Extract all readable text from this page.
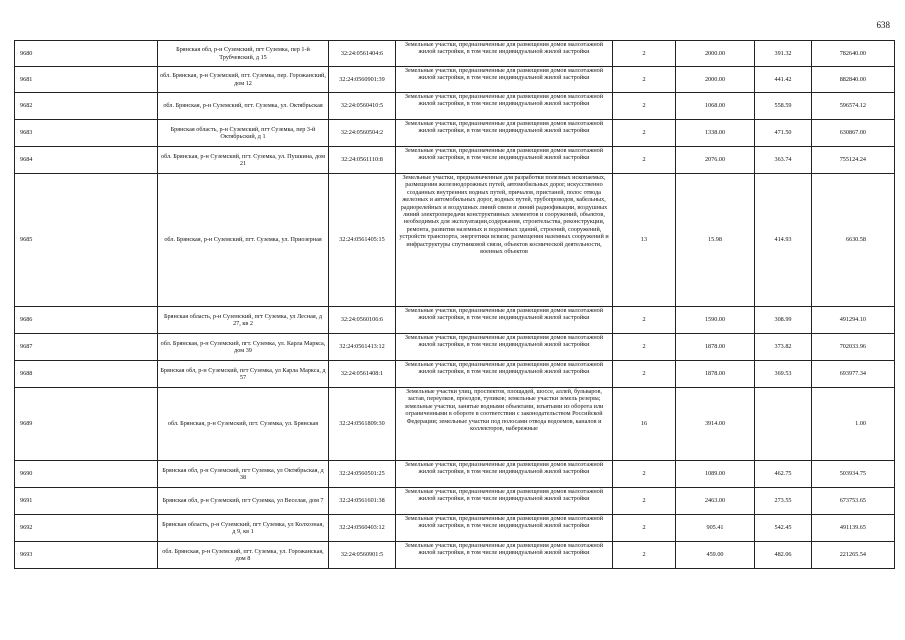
638
9680	Брянская обл, р-н Суземский, пгт Суземка, пер 1-й Трубчевский, д 15	32:24:0561404:6	Земельные участки, предназначенные для размещения домов малоэтажной жилой застройки, в том числе индивидуальной жилой застройки	2	2000.00	391.32	782640.00
9681	обл. Брянская, р-н Суземский, пгт. Суземка, пер. Горожанский, дом 12	32:24:0560901:39	Земельные участки, предназначенные для размещения домов малоэтажной жилой застройки, в том числе индивидуальной жилой застройки	2	2000.00	441.42	882840.00
9682	обл. Брянская, р-н Суземский, пгт. Суземка, ул. Октябрьская	32:24:0560410:5	Земельные участки, предназначенные для размещения домов малоэтажной жилой застройки, в том числе индивидуальной жилой застройки	2	1068.00	558.59	596574.12
9683	Брянская область, р-н Суземский, пгт Суземка, пер 3-й Октябрьский, д 1	32:24:0560504:2	Земельные участки, предназначенные для размещения домов малоэтажной жилой застройки, в том числе индивидуальной жилой застройки	2	1338.00	471.50	630867.00
9684	обл. Брянская, р-н Суземский, пгт. Суземка, ул. Пушкина, дом 21	32:24:0561110:8	Земельные участки, предназначенные для размещения домов малоэтажной жилой застройки, в том числе индивидуальной жилой застройки	2	2076.00	363.74	755124.24
9685	обл. Брянская, р-н Суземский, пгт. Суземка, ул. Приозерная	32:24:0561405:15	Земельные участки, предназначенные для разработки полезных ископаемых, размещения железнодорожных путей, автомобильных дорог, искусственно созданных внутренних водных путей, причалов, пристаней, полос отвода железных и автомобильных дорог, водных путей, трубопроводов, кабельных, радиорелейных и воздушных линий связи и линий радиофикации, воздушных линий электропередачи конструктивных элементов и сооружений, объектов, необходимых для эксплуатации,содержания, строительства, реконструкции, ремонта, развития наземных и подземных зданий, строений, сооружений, устройств транспорта, энергетики всвязи; размещения наземных сооружений и инфраструктуры спутниковой связи, объектов космической деятельности, военных объектов	13	15.98	414.93	6630.58
9686	Брянская область, р-н Суземский, пгт Суземка, ул Лесная, д 27, кв 2	32:24:0560106:6	Земельные участки, предназначенные для размещения домов малоэтажной жилой застройки, в том числе индивидуальной жилой застройки	2	1590.00	308.99	491294.10
9687	обл. Брянская, р-н Суземский, пгт. Суземка, ул. Карла Маркса, дом 39	32:24:0561413:12	Земельные участки, предназначенные для размещения домов малоэтажной жилой застройки, в том числе индивидуальной жилой застройки	2	1878.00	373.82	702033.96
9688	Брянская обл, р-н Суземский, пгт Суземка, ул Карла Маркса, д 57	32:24:0561408:1	Земельные участки, предназначенные для размещения домов малоэтажной жилой застройки, в том числе индивидуальной жилой застройки	2	1878.00	369.53	693977.34
9689	обл. Брянская, р-н Суземский, пгт. Суземка, ул. Брянская	32:24:0561809:30	Земельные участки улиц, проспектов, площадей, шоссе, аллей, бульваров, застав, переулков, проездов, тупиков; земельные участки земель резерва; земельные участки, занятые водными объектами, изъятыми из оборота или ограниченными в обороте в соответствии с законодательством Российской Федерации; земельные участки под полосами отвода водоемов, каналов и коллекторов, набережные	16	3914.00		1.00
9690	Брянская обл, р-н Суземский, пгт Суземка, ул Октябрьская, д 38	32:24:0560501:25	Земельные участки, предназначенные для размещения домов малоэтажной жилой застройки, в том числе индивидуальной жилой застройки	2	1089.00	462.75	503934.75
9691	Брянская обл, р-н Суземский, пгт Суземка, ул Веселая, дом 7	32:24:0561601:38	Земельные участки, предназначенные для размещения домов малоэтажной жилой застройки, в том числе индивидуальной жилой застройки	2	2463.00	273.55	673753.65
9692	Брянская область, р-н Суземский, пгт Суземка, ул Колхозная, д 9, кв 1	32:24:0560403:12	Земельные участки, предназначенные для размещения домов малоэтажной жилой застройки, в том числе индивидуальной жилой застройки	2	905.41	542.45	491139.65
9693	обл. Брянская, р-н Суземский, пгт. Суземка, ул. Горожанская, дом 8	32:24:0560901:5	Земельные участки, предназначенные для размещения домов малоэтажной жилой застройки, в том числе индивидуальной жилой застройки	2	459.00	482.06	221265.54
